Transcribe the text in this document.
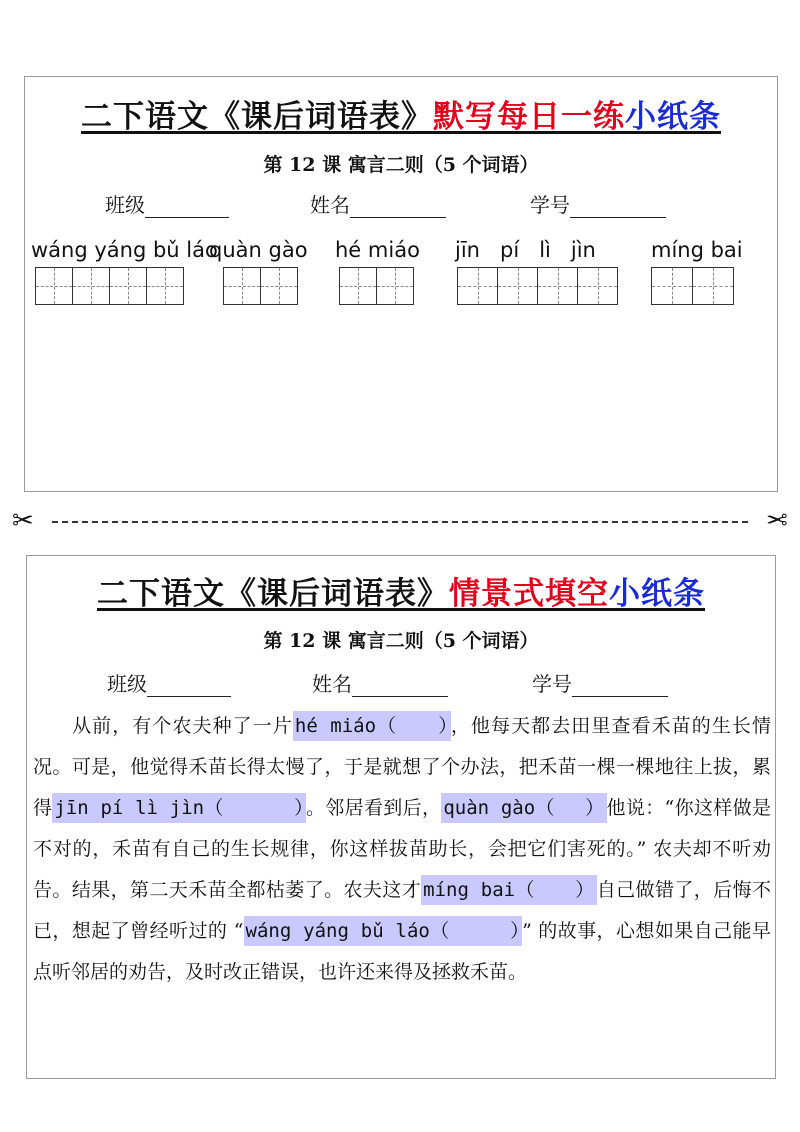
二下语文《课后词语表》默写每日一练小纸条
第 12 课 寓言二则（5 个词语）
班级	姓名	学号
wáng yáng bǔ láo
quàn gào hé miáo jīn   pí   lì   jìn	míng bai
✂	✂
二下语文《课后词语表》情景式填空小纸条
第 12 课 寓言二则（5 个词语）
班级	姓名	学号
从前，有个农夫种了一片 hé miáo（ ） ，他每天都去田里查看禾苗的生长情况。可是，他觉得禾苗长得太慢了，于是就想了个办法，把禾苗一棵一棵地往上拔，累得 jīn pí lì jìn（	） 。邻居看到后， quàn gào（ ） 他说：“你这样做是不对的，禾苗有自己的生长规律，你这样拔苗助长，会把它们害死的。” 农夫却不听劝告。结果，第二天禾苗全都枯萎了。农夫这才 míng bai（ ） 自己做错了，后悔不已，想起了曾经听过的 “ wáng yáng bǔ láo（	） ” 的故事，心想如果自己能早点听邻居的劝告，及时改正错误，也许还来得及拯救禾苗。
